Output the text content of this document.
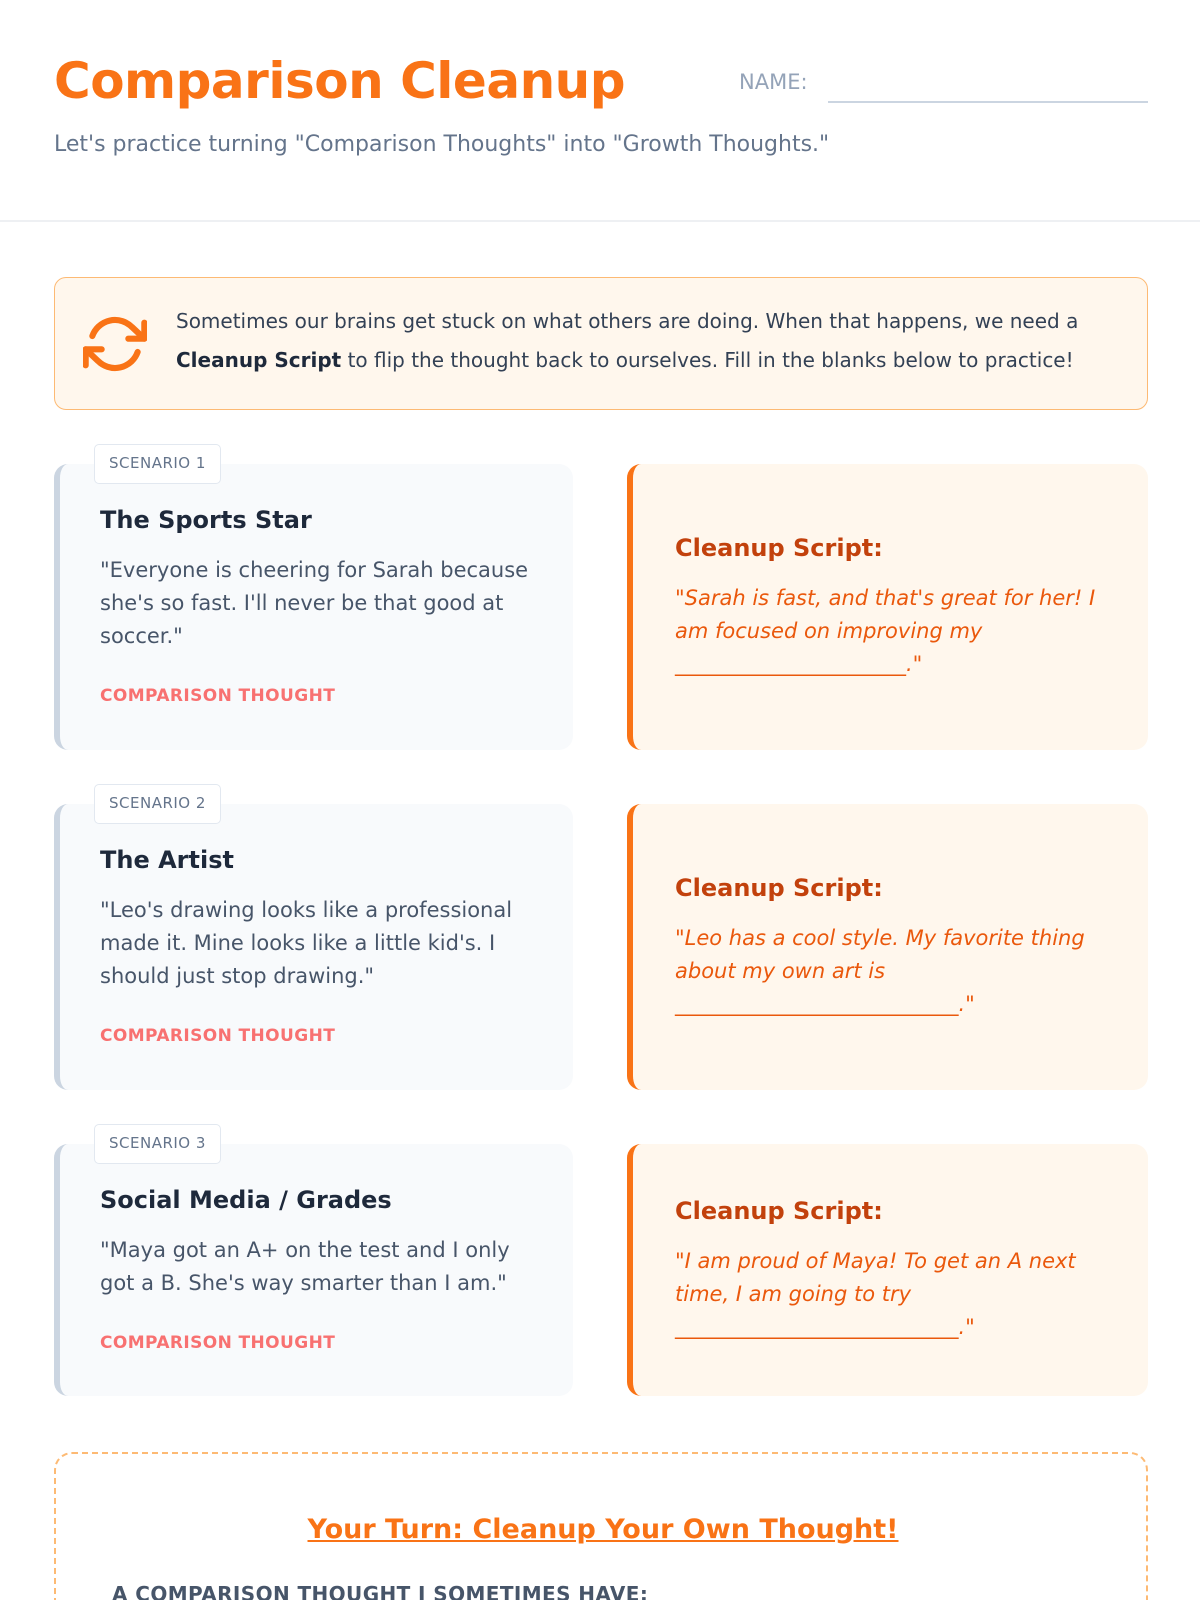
Comparison Cleanup	NAME:
Let's practice turning "Comparison Thoughts" into "Growth Thoughts."
Sometimes our brains get stuck on what others are doing. When that happens, we need a Cleanup Script to flip the thought back to ourselves. Fill in the blanks below to practice!
SCENARIO 1
The Sports Star
"Everyone is cheering for Sarah because she's so fast. I'll never be that good at soccer."
COMPARISON THOUGHT
Cleanup Script:
"Sarah is fast, and that's great for her! I am focused on improving my ______________________."
SCENARIO 2
The Artist
"Leo's drawing looks like a professional made it. Mine looks like a little kid's. I should just stop drawing."
COMPARISON THOUGHT
Cleanup Script:
"Leo has a cool style. My favorite thing about my own art is ___________________________."
SCENARIO 3
Social Media / Grades
"Maya got an A+ on the test and I only got a B. She's way smarter than I am."
COMPARISON THOUGHT
Cleanup Script:
"I am proud of Maya! To get an A next time, I am going to try ___________________________."
Your Turn: Cleanup Your Own Thought!
A COMPARISON THOUGHT I SOMETIMES HAVE:
